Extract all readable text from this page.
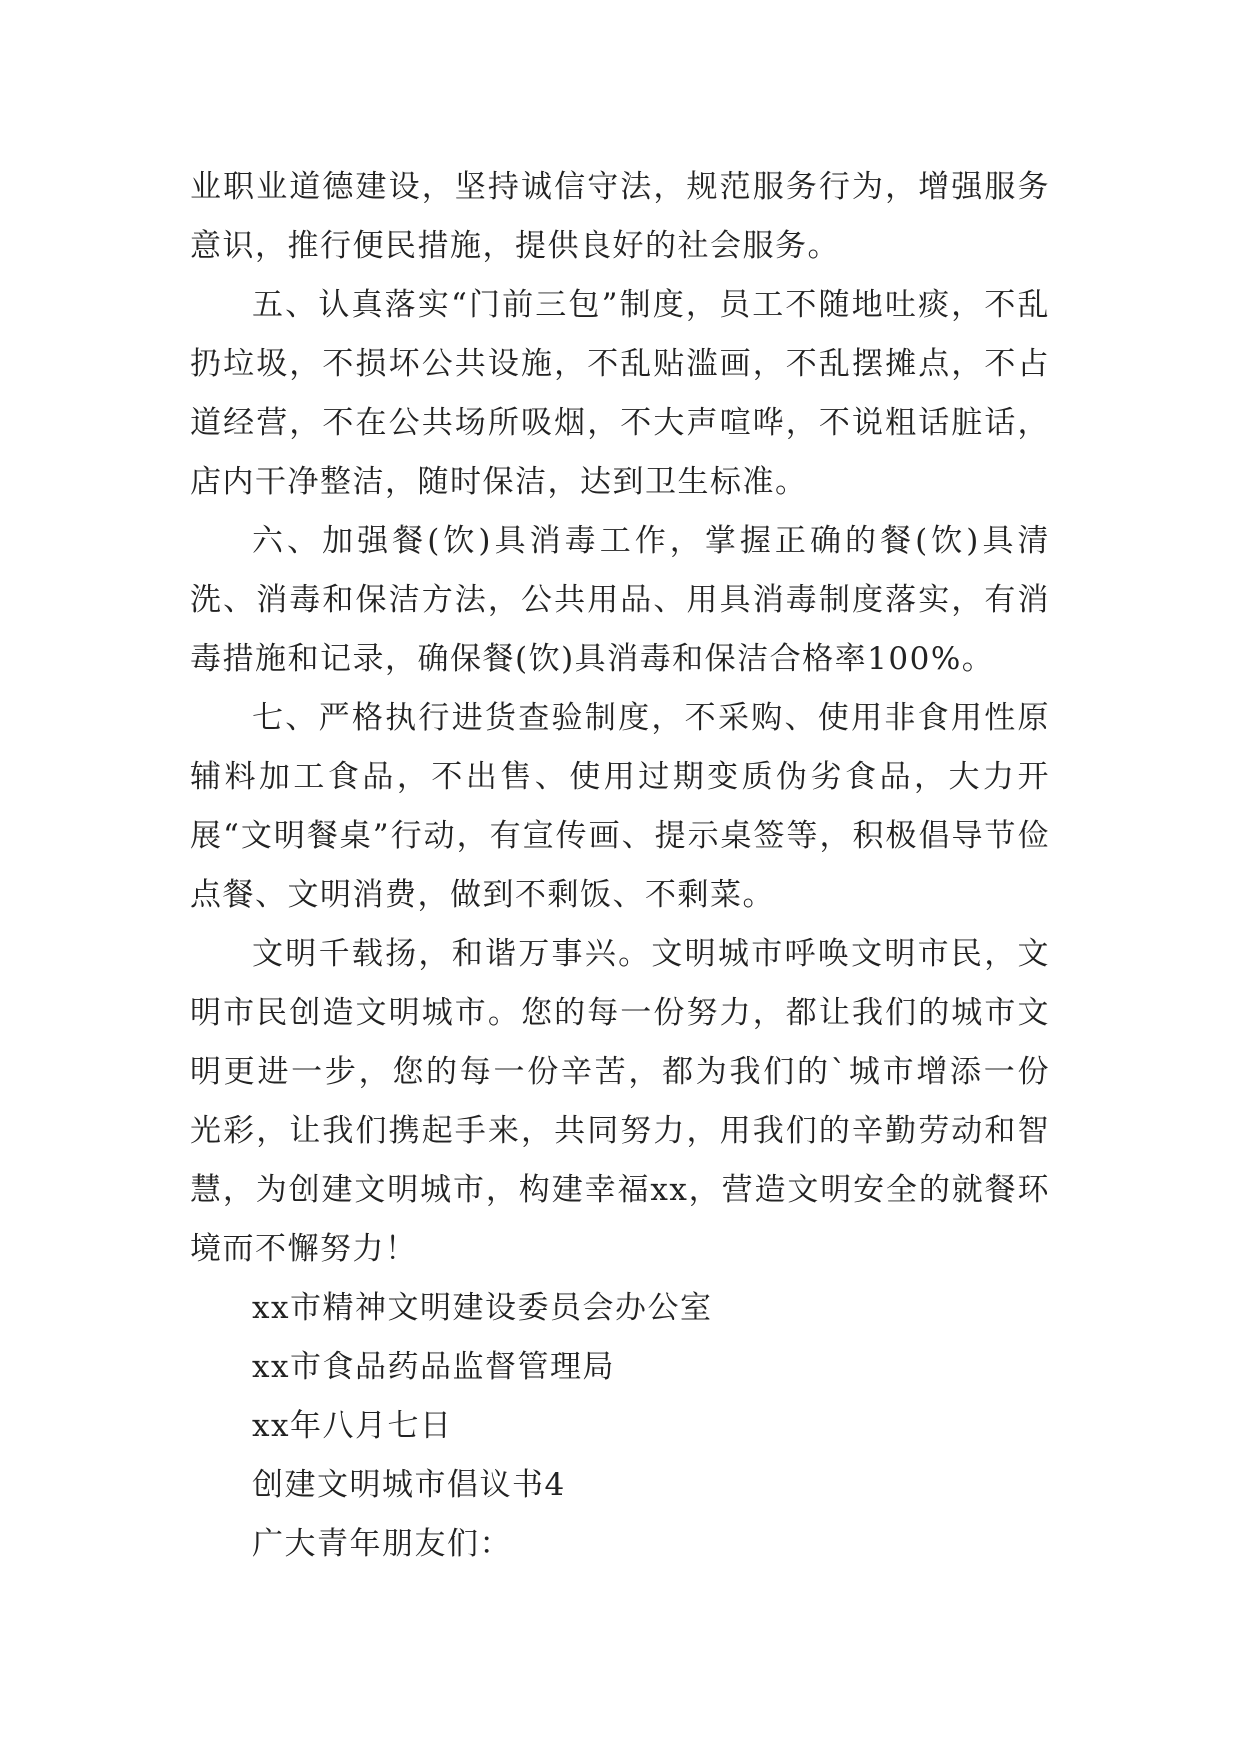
业职业道德建设，坚持诚信守法，规范服务行为，增强服务意识，推行便民措施，提供良好的社会服务。

五、认真落实“门前三包”制度，员工不随地吐痰，不乱扔垃圾，不损坏公共设施，不乱贴滥画，不乱摆摊点，不占道经营，不在公共场所吸烟，不大声喧哗，不说粗话脏话，店内干净整洁，随时保洁，达到卫生标准。

六、加强餐(饮)具消毒工作，掌握正确的餐(饮)具清洗、消毒和保洁方法，公共用品、用具消毒制度落实，有消毒措施和记录，确保餐(饮)具消毒和保洁合格率100%。

七、严格执行进货查验制度，不采购、使用非食用性原辅料加工食品，不出售、使用过期变质伪劣食品，大力开展“文明餐桌”行动，有宣传画、提示桌签等，积极倡导节俭点餐、文明消费，做到不剩饭、不剩菜。

文明千载扬，和谐万事兴。文明城市呼唤文明市民，文明市民创造文明城市。您的每一份努力，都让我们的城市文明更进一步，您的每一份辛苦，都为我们的`城市增添一份光彩，让我们携起手来，共同努力，用我们的辛勤劳动和智慧，为创建文明城市，构建幸福xx，营造文明安全的就餐环境而不懈努力！

xx市精神文明建设委员会办公室

xx市食品药品监督管理局

xx年八月七日

创建文明城市倡议书4

广大青年朋友们：
